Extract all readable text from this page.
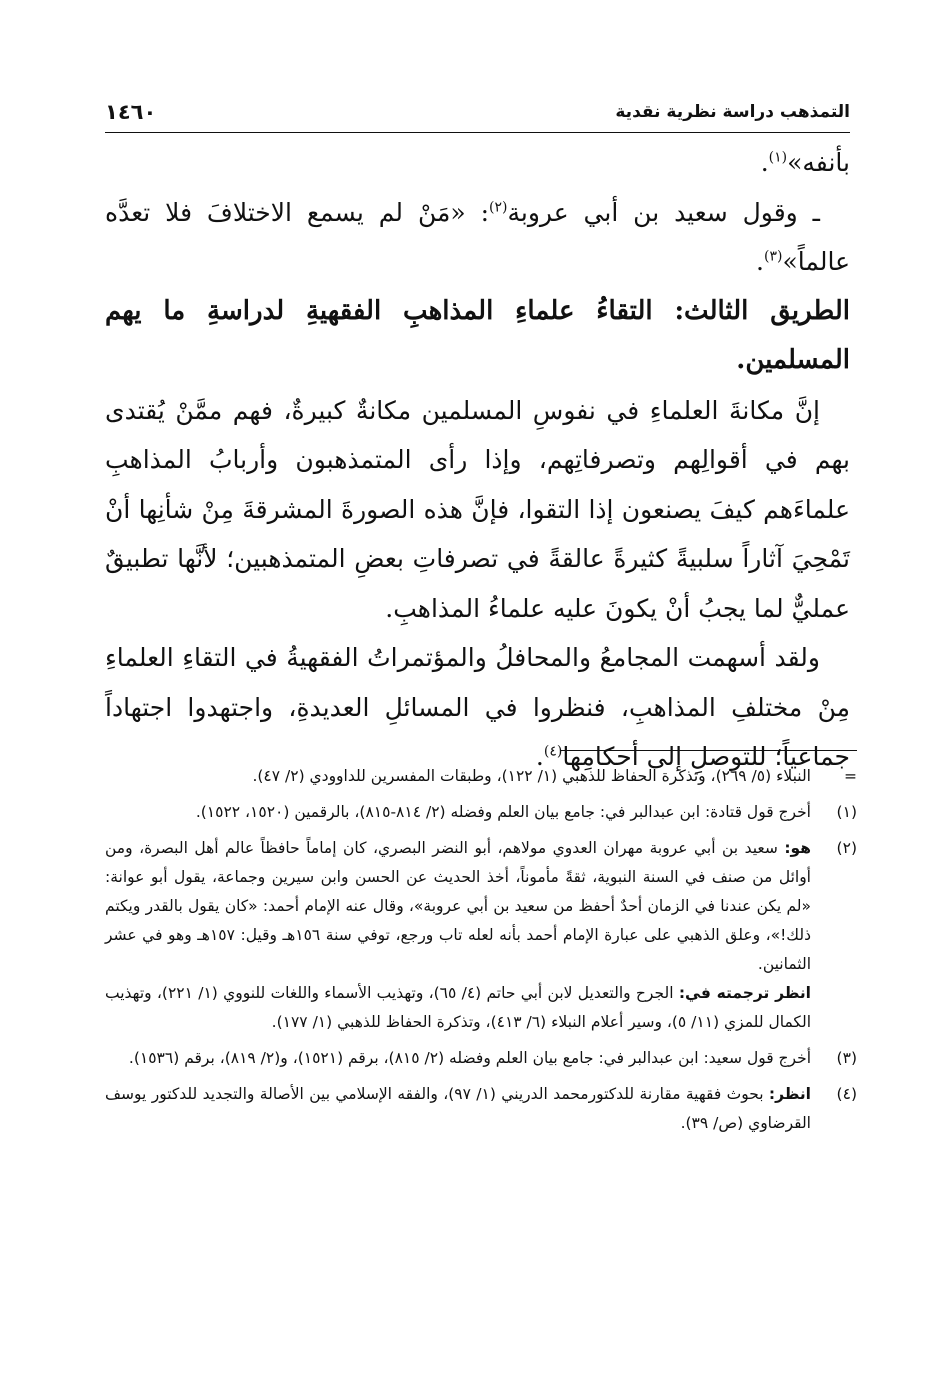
١٤٦٠	التمذهب دراسة نظرية نقدية

بأنفه»$^{(١)}$.

ـ وقول سعيد بن أبي عروبة$^{(٢)}$: «مَنْ لم يسمع الاختلافَ فلا تعدَّه عالماً»$^{(٣)}$.

الطريق الثالث: التقاءُ علماءِ المذاهبِ الفقهيةِ لدراسةِ ما يهم المسلمين.

إنَّ مكانةَ العلماءِ في نفوسِ المسلمين مكانةٌ كبيرةٌ، فهم ممَّنْ يُقتدى بهم في أقوالِهم وتصرفاتِهم، وإذا رأى المتمذهبون وأربابُ المذاهبِ علماءَهم كيفَ يصنعون إذا التقوا، فإنَّ هذه الصورةَ المشرقةَ مِنْ شأنِها أنْ تَمْحِيَ آثاراً سلبيةً كثيرةً عالقةً في تصرفاتِ بعضِ المتمذهبين؛ لأنَّها تطبيقٌ عمليٌّ لما يجبُ أنْ يكونَ عليه علماءُ المذاهبِ.

ولقد أسهمت المجامعُ والمحافلُ والمؤتمراتُ الفقهيةُ في التقاءِ العلماءِ مِنْ مختلفِ المذاهبِ، فنظروا في المسائلِ العديدةِ، واجتهدوا اجتهاداً جماعياً؛ للتوصلِ إلى أحكامِها$^{(٤)}$.

=
النبلاء (٥/ ٢٦٩)، وتذكرة الحفاظ للذهبي (١/ ١٢٢)، وطبقات المفسرين للداوودي (٢/ ٤٧).
(١)
أخرج قول قتادة: ابن عبدالبر في: جامع بيان العلم وفضله (٢/ ٨١٤-٨١٥)، بالرقمين (١٥٢٠، ١٥٢٢).
(٢)
هو: سعيد بن أبي عروبة مهران العدوي مولاهم، أبو النضر البصري، كان إماماً حافظاً عالم أهل البصرة، ومن أوائل من صنف في السنة النبوية، ثقةً مأموناً، أخذ الحديث عن الحسن وابن سيرين وجماعة، يقول أبو عوانة: «لم يكن عندنا في الزمان أحدٌ أحفظ من سعيد بن أبي عروبة»، وقال عنه الإمام أحمد: «كان يقول بالقدر ويكتم ذلك!»، وعلق الذهبي على عبارة الإمام أحمد بأنه لعله تاب ورجع، توفي سنة ١٥٦هـ وقيل: ١٥٧هـ وهو في عشر الثمانين.
انظر ترجمته في: الجرح والتعديل لابن أبي حاتم (٤/ ٦٥)، وتهذيب الأسماء واللغات للنووي (١/ ٢٢١)، وتهذيب الكمال للمزي (١١/ ٥)، وسير أعلام النبلاء (٦/ ٤١٣)، وتذكرة الحفاظ للذهبي (١/ ١٧٧).
(٣)
أخرج قول سعيد: ابن عبدالبر في: جامع بيان العلم وفضله (٢/ ٨١٥)، برقم (١٥٢١)، و(٢/ ٨١٩)، برقم (١٥٣٦).
(٤)
انظر: بحوث فقهية مقارنة للدكتورمحمد الدريني (١/ ٩٧)، والفقه الإسلامي بين الأصالة والتجديد للدكتور يوسف القرضاوي (ص/ ٣٩).
